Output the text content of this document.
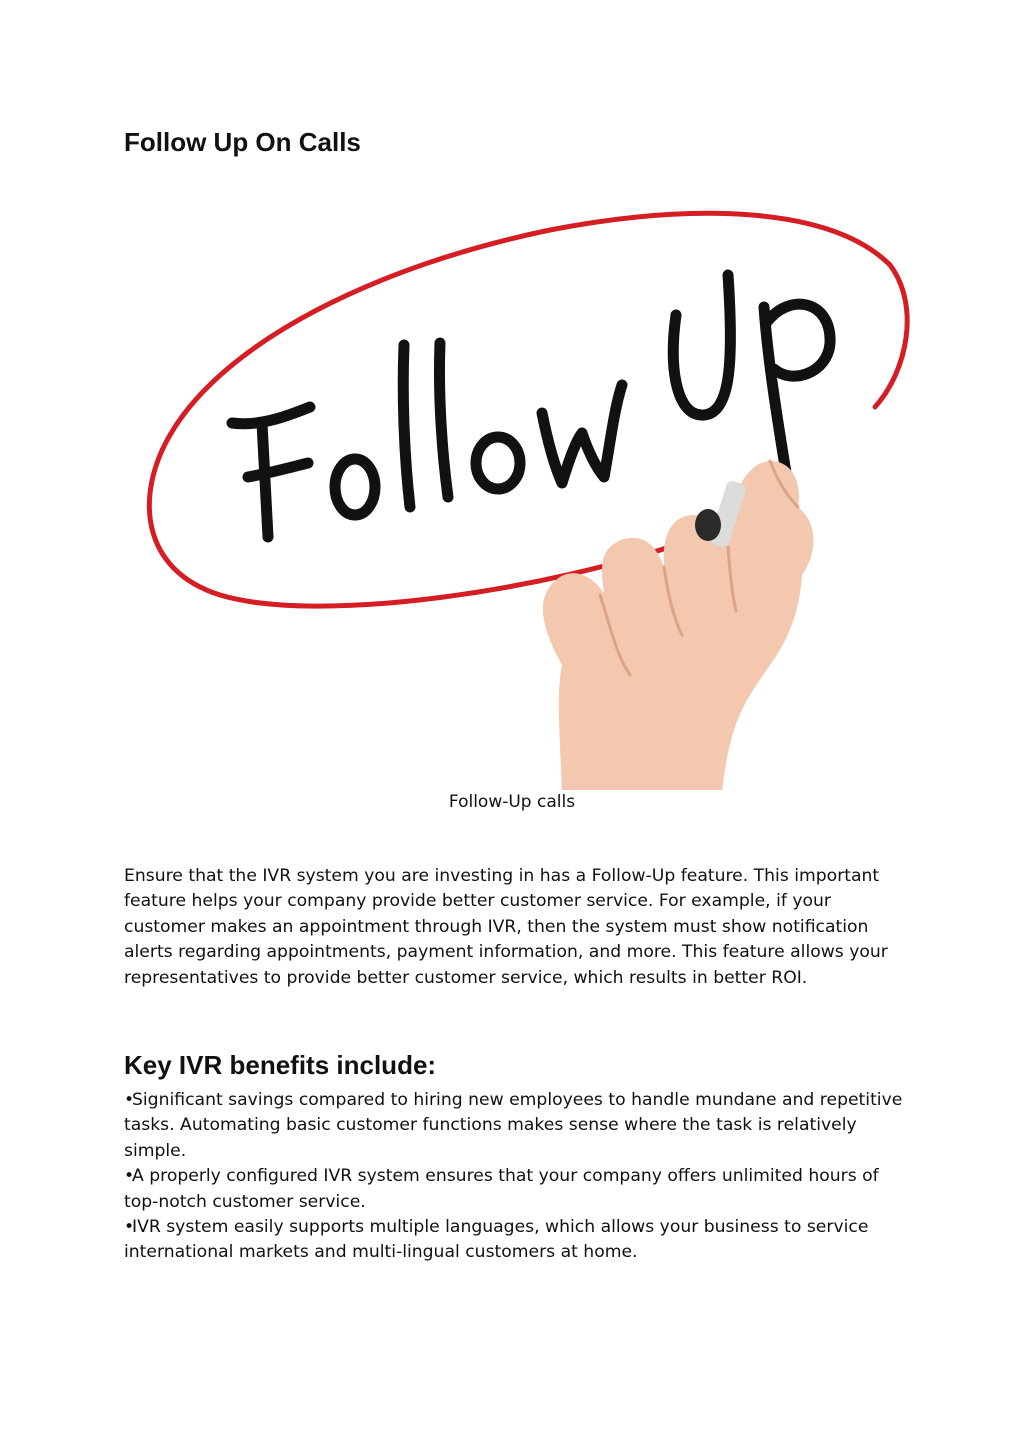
Follow Up On Calls
Follow-Up calls

Ensure that the IVR system you are investing in has a Follow-Up feature. This important feature helps your company provide better customer service. For example, if your customer makes an appointment through IVR, then the system must show notification alerts regarding appointments, payment information, and more. This feature allows your representatives to provide better customer service, which results in better ROI.

Key IVR benefits include:
•Significant savings compared to hiring new employees to handle mundane and repetitive tasks. Automating basic customer functions makes sense where the task is relatively simple.
•A properly configured IVR system ensures that your company offers unlimited hours of top-notch customer service.
•IVR system easily supports multiple languages, which allows your business to service international markets and multi-lingual customers at home.
